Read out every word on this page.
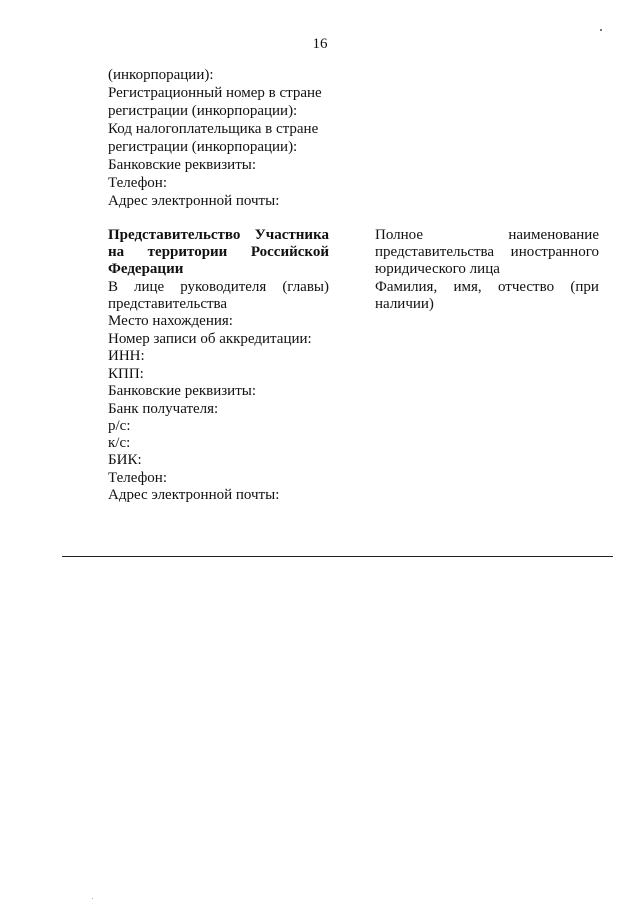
16
(инкорпорации):
Регистрационный номер в стране
регистрации (инкорпорации):
Код налогоплательщика в стране
регистрации (инкорпорации):
Банковские реквизиты:
Телефон:
Адрес электронной почты:
Представительство Участника
на территории Российской
Федерации
В лице руководителя (главы)
представительства
Место нахождения:
Номер записи об аккредитации:
ИНН:
КПП:
Банковские реквизиты:
Банк получателя:
р/с:
к/с:
БИК:
Телефон:
Адрес электронной почты:
Полное	наименование
представительства иностранного
юридического лица
Фамилия, имя, отчество (при
наличии)
